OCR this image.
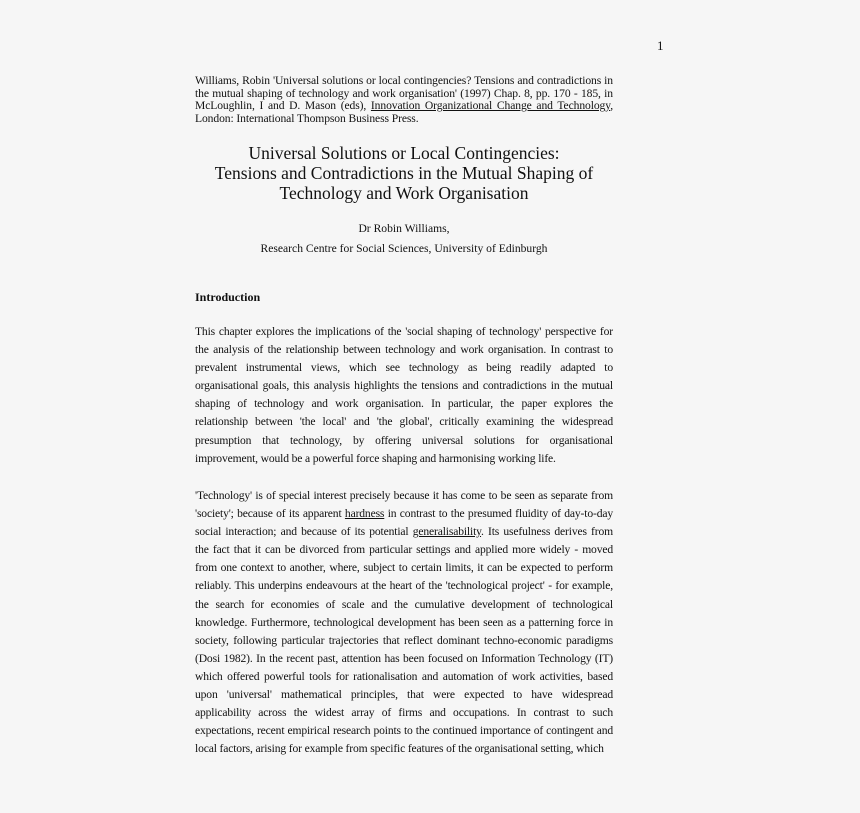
1
Williams, Robin 'Universal solutions or local contingencies? Tensions and contradictions in the mutual shaping of technology and work organisation' (1997) Chap. 8, pp. 170 - 185, in McLoughlin, I and D. Mason (eds), Innovation Organizational Change and Technology, London: International Thompson Business Press.
Universal Solutions or Local Contingencies:
Tensions and Contradictions in the Mutual Shaping of
Technology and Work Organisation
Dr Robin Williams,
Research Centre for Social Sciences, University of Edinburgh
Introduction

This chapter explores the implications of the 'social shaping of technology' perspective for the analysis of the relationship between technology and work organisation. In contrast to prevalent instrumental views, which see technology as being readily adapted to organisational goals, this analysis highlights the tensions and contradictions in the mutual shaping of technology and work organisation. In particular, the paper explores the relationship between 'the local' and 'the global', critically examining the widespread presumption that technology, by offering universal solutions for organisational improvement, would be a powerful force shaping and harmonising working life.

'Technology' is of special interest precisely because it has come to be seen as separate from 'society'; because of its apparent hardness in contrast to the presumed fluidity of day-to-day social interaction; and because of its potential generalisability. Its usefulness derives from the fact that it can be divorced from particular settings and applied more widely - moved from one context to another, where, subject to certain limits, it can be expected to perform reliably. This underpins endeavours at the heart of the 'technological project' - for example, the search for economies of scale and the cumulative development of technological knowledge. Furthermore, technological development has been seen as a patterning force in society, following particular trajectories that reflect dominant techno-economic paradigms (Dosi 1982). In the recent past, attention has been focused on Information Technology (IT) which offered powerful tools for rationalisation and automation of work activities, based upon 'universal' mathematical principles, that were expected to have widespread applicability across the widest array of firms and occupations. In contrast to such expectations, recent empirical research points to the continued importance of contingent and local factors, arising for example from specific features of the organisational setting, which
